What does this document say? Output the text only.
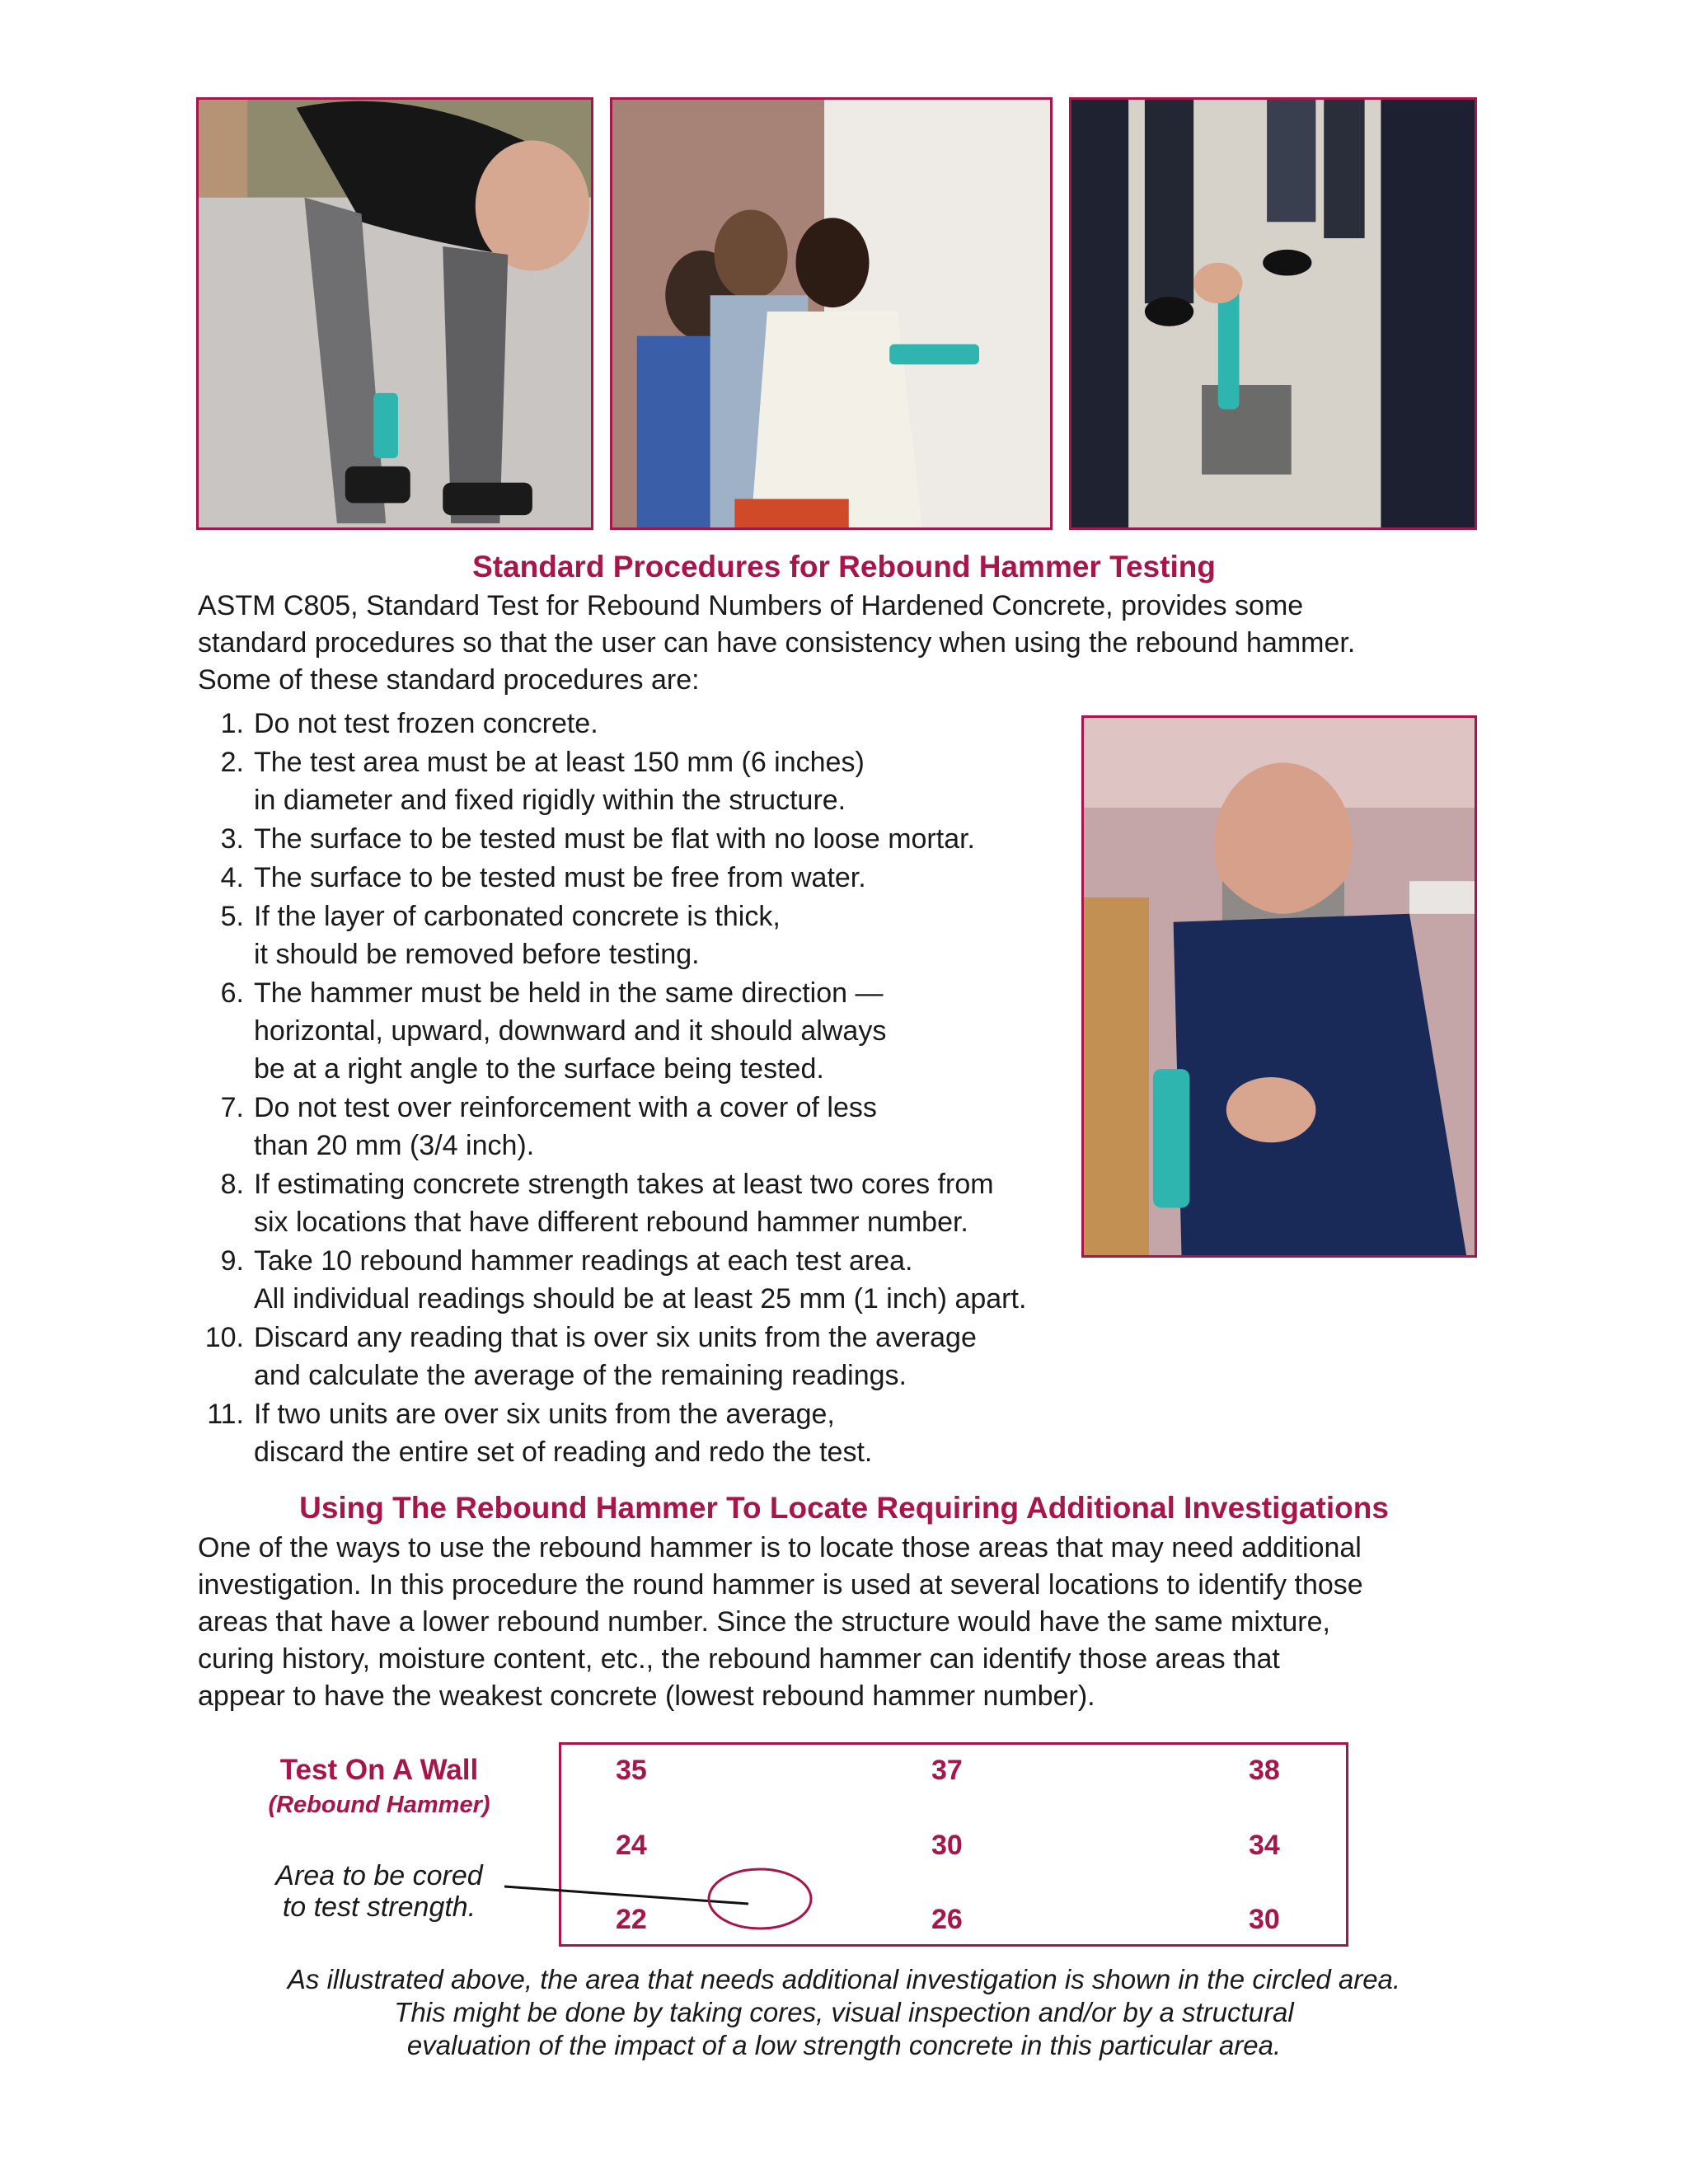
Standard Procedures for Rebound Hammer Testing

ASTM C805, Standard Test for Rebound Numbers of Hardened Concrete, provides some
standard procedures so that the user can have consistency when using the rebound hammer.
Some of these standard procedures are:

1. Do not test frozen concrete.
2. The test area must be at least 150 mm (6 inches)
in diameter and fixed rigidly within the structure.
3. The surface to be tested must be flat with no loose mortar.
4. The surface to be tested must be free from water.
5. If the layer of carbonated concrete is thick,
it should be removed before testing.
6. The hammer must be held in the same direction —
horizontal, upward, downward and it should always
be at a right angle to the surface being tested.
7. Do not test over reinforcement with a cover of less
than 20 mm (3/4 inch).
8. If estimating concrete strength takes at least two cores from
six locations that have different rebound hammer number.
9. Take 10 rebound hammer readings at each test area.
All individual readings should be at least 25 mm (1 inch) apart.
10. Discard any reading that is over six units from the average
and calculate the average of the remaining readings.
11. If two units are over six units from the average,
discard the entire set of reading and redo the test.
Using The Rebound Hammer To Locate Requiring Additional Investigations

One of the ways to use the rebound hammer is to locate those areas that may need additional
investigation. In this procedure the round hammer is used at several locations to identify those
areas that have a lower rebound number. Since the structure would have the same mixture,
curing history, moisture content, etc., the rebound hammer can identify those areas that
appear to have the weakest concrete (lowest rebound hammer number).

Test On A Wall
(Rebound Hammer)
Area to be cored
to test strength.
35	37	38
24	30	34
22	26	30
As illustrated above, the area that needs additional investigation is shown in the circled area.
This might be done by taking cores, visual inspection and/or by a structural
evaluation of the impact of a low strength concrete in this particular area.
